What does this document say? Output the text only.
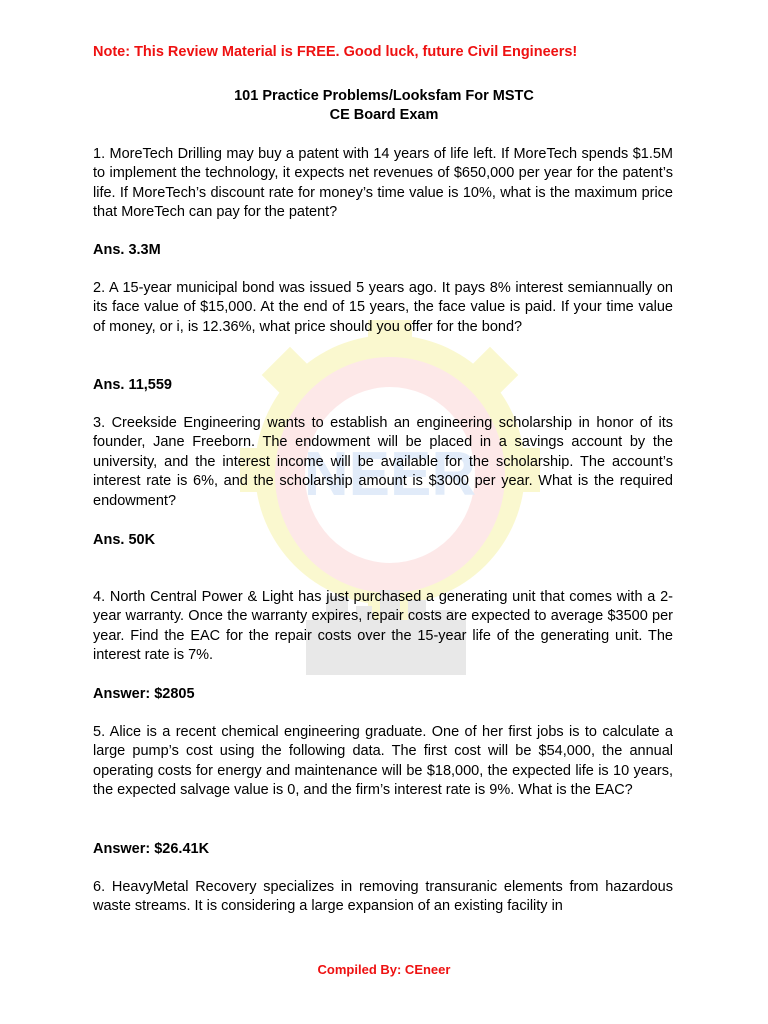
NEER
Note: This Review Material is FREE. Good luck, future Civil Engineers!
101 Practice Problems/Looksfam For MSTC
CE Board Exam
1. MoreTech Drilling may buy a patent with 14 years of life left. If MoreTech spends $1.5M to implement the technology, it expects net revenues of $650,000 per year for the patent’s life. If MoreTech’s discount rate for money’s time value is 10%, what is the maximum price that MoreTech can pay for the patent?
Ans. 3.3M
2. A 15-year municipal bond was issued 5 years ago. It pays 8% interest semiannually on its face value of $15,000. At the end of 15 years, the face value is paid. If your time value of money, or i, is 12.36%, what price should you offer for the bond?
Ans. 11,559
3. Creekside Engineering wants to establish an engineering scholarship in honor of its founder, Jane Freeborn. The endowment will be placed in a savings account by the university, and the interest income will be available for the scholarship. The account’s interest rate is 6%, and the scholarship amount is $3000 per year. What is the required endowment?
Ans. 50K
4. North Central Power & Light has just purchased a generating unit that comes with a 2-year warranty. Once the warranty expires, repair costs are expected to average $3500 per year. Find the EAC for the repair costs over the 15-year life of the generating unit. The interest rate is 7%.
Answer: $2805
5. Alice is a recent chemical engineering graduate. One of her first jobs is to calculate a large pump’s cost using the following data. The first cost will be $54,000, the annual operating costs for energy and maintenance will be $18,000, the expected life is 10 years, the expected salvage value is 0, and the firm’s interest rate is 9%. What is the EAC?
Answer: $26.41K
6. HeavyMetal Recovery specializes in removing transuranic elements from hazardous waste streams. It is considering a large expansion of an existing facility in
Compiled By: CEneer
